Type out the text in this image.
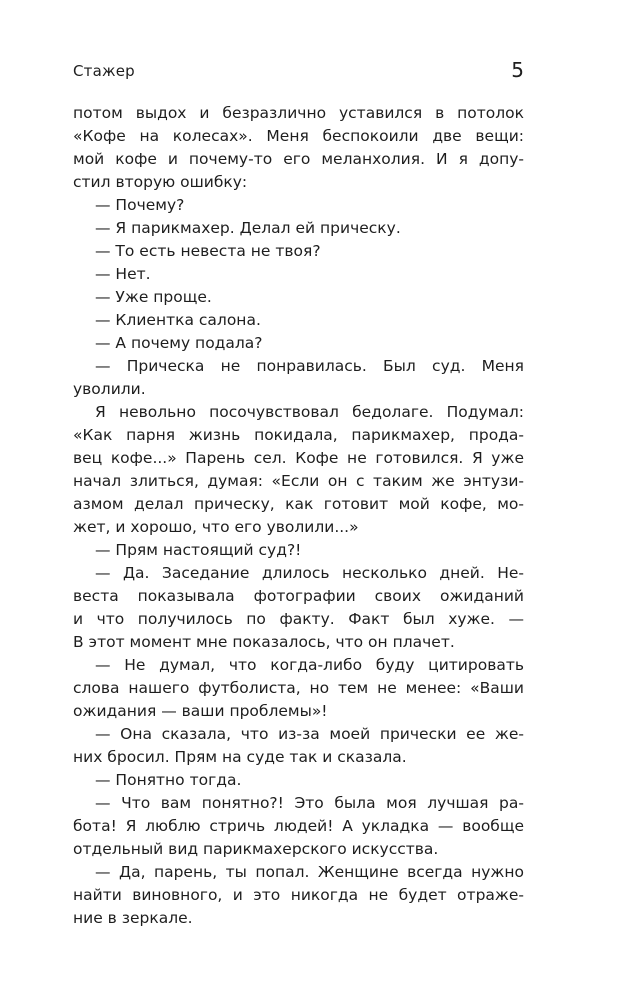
Стажер	5
потом выдох и безразлично уставился в потолок
«Кофе на колесах». Меня беспокоили две вещи:
мой кофе и почему-то его меланхолия. И я допу-
стил вторую ошибку:
— Почему?
— Я парикмахер. Делал ей прическу.
— То есть невеста не твоя?
— Нет.
— Уже проще.
— Клиентка салона.
— А почему подала?
— Прическа не понравилась. Был суд. Меня
уволили.
Я невольно посочувствовал бедолаге. Подумал:
«Как парня жизнь покидала, парикмахер, прода-
вец кофе...» Парень сел. Кофе не готовился. Я уже
начал злиться, думая: «Если он с таким же энтузи-
азмом делал прическу, как готовит мой кофе, мо-
жет, и хорошо, что его уволили...»
— Прям настоящий суд?!
— Да. Заседание длилось несколько дней. Не-
веста показывала фотографии своих ожиданий
и что получилось по факту. Факт был хуже. —
В этот момент мне показалось, что он плачет.
— Не думал, что когда-либо буду цитировать
слова нашего футболиста, но тем не менее: «Ваши
ожидания — ваши проблемы»!
— Она сказала, что из-за моей прически ее же-
них бросил. Прям на суде так и сказала.
— Понятно тогда.
— Что вам понятно?! Это была моя лучшая ра-
бота! Я люблю стричь людей! А укладка — вообще
отдельный вид парикмахерского искусства.
— Да, парень, ты попал. Женщине всегда нужно
найти виновного, и это никогда не будет отраже-
ние в зеркале.
